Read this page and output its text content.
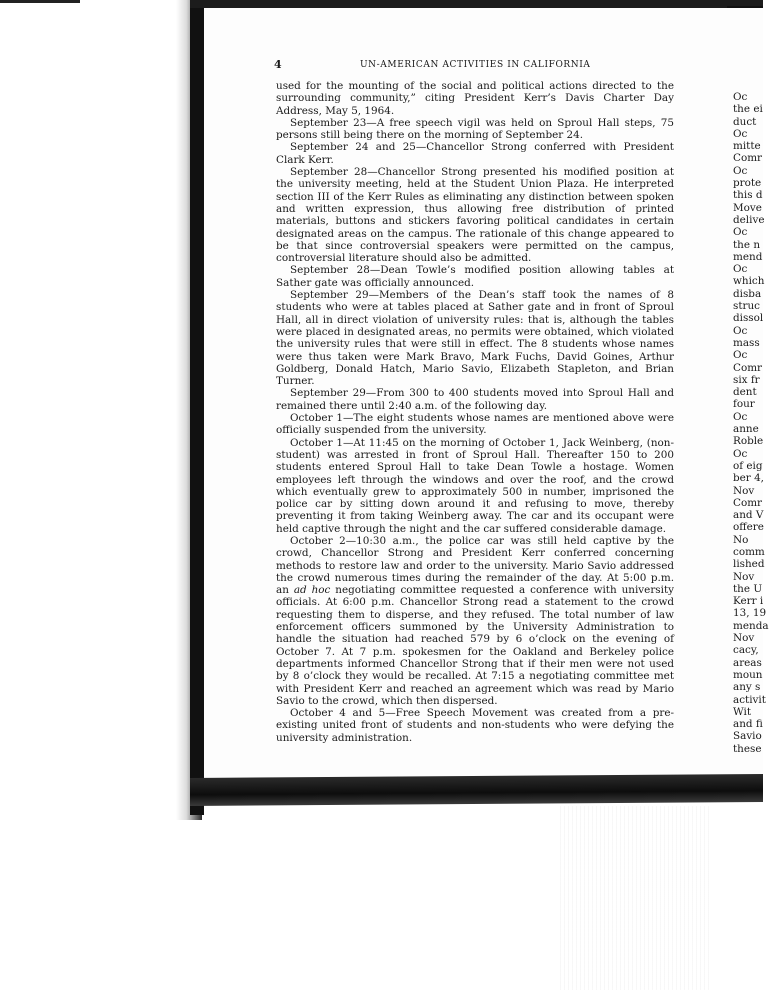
4	UN-AMERICAN ACTIVITIES IN CALIFORNIA

used for the mounting of the social and political actions directed to the surrounding community,” citing President Kerr’s Davis Charter Day Address, May 5, 1964.

September 23—A free speech vigil was held on Sproul Hall steps, 75 persons still being there on the morning of September 24.

September 24 and 25—Chancellor Strong conferred with President Clark Kerr.

September 28—Chancellor Strong presented his modified position at the university meeting, held at the Student Union Plaza. He interpreted section III of the Kerr Rules as eliminating any distinction between spoken and written expression, thus allowing free distribution of printed materials, buttons and stickers favoring political candidates in certain designated areas on the campus. The rationale of this change appeared to be that since controversial speakers were permitted on the campus, controversial literature should also be admitted.

September 28—Dean Towle’s modified position allowing tables at Sather gate was officially announced.

September 29—Members of the Dean’s staff took the names of 8 students who were at tables placed at Sather gate and in front of Sproul Hall, all in direct violation of university rules: that is, although the tables were placed in designated areas, no permits were obtained, which violated the university rules that were still in effect. The 8 students whose names were thus taken were Mark Bravo, Mark Fuchs, David Goines, Arthur Goldberg, Donald Hatch, Mario Savio, Elizabeth Stapleton, and Brian Turner.

September 29—From 300 to 400 students moved into Sproul Hall and remained there until 2:40 a.m. of the following day.

October 1—The eight students whose names are mentioned above were officially suspended from the university.

October 1—At 11:45 on the morning of October 1, Jack Weinberg, (non-student) was arrested in front of Sproul Hall. Thereafter 150 to 200 students entered Sproul Hall to take Dean Towle a hostage. Women employees left through the windows and over the roof, and the crowd which eventually grew to approximately 500 in number, imprisoned the police car by sitting down around it and refusing to move, thereby preventing it from taking Weinberg away. The car and its occupant were held captive through the night and the car suffered considerable damage.

October 2—10:30 a.m., the police car was still held captive by the crowd, Chancellor Strong and President Kerr conferred concerning methods to restore law and order to the university. Mario Savio addressed the crowd numerous times during the remainder of the day. At 5:00 p.m. an ad hoc negotiating committee requested a conference with university officials. At 6:00 p.m. Chancellor Strong read a statement to the crowd requesting them to disperse, and they refused. The total number of law enforcement officers summoned by the University Administration to handle the situation had reached 579 by 6 o’clock on the evening of October 7. At 7 p.m. spokesmen for the Oakland and Berkeley police departments informed Chancellor Strong that if their men were not used by 8 o’clock they would be recalled. At 7:15 a negotiating committee met with President Kerr and reached an agreement which was read by Mario Savio to the crowd, which then dispersed.

October 4 and 5—Free Speech Movement was created from a pre-existing united front of students and non-students who were defying the university administration.

Oc
the ei
duct
Oc
mitte
Comr
Oc
prote
this d
Move
delive
Oc
the n
mend
Oc
which
disba
struc
dissol
Oc
mass
Oc
Comr
six fr
dent
four
Oc
anne
Roble
Oc
of eig
ber 4,
Nov
Comr
and V
offere
No
comm
lished
Nov
the U
Kerr i
13, 19
menda
Nov
cacy,
areas
moun
any s
activit
Wit
and fi
Savio
these
